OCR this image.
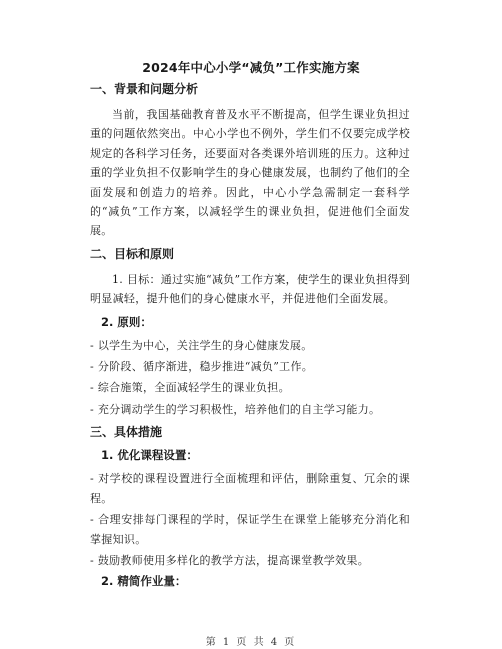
2024年中心小学“减负”工作实施方案
一、背景和问题分析
当前，我国基础教育普及水平不断提高，但学生课业负担过重的问题依然突出。中心小学也不例外，学生们不仅要完成学校规定的各科学习任务，还要面对各类课外培训班的压力。这种过重的学业负担不仅影响学生的身心健康发展，也制约了他们的全面发展和创造力的培养。因此，中心小学急需制定一套科学的“减负”工作方案，以减轻学生的课业负担，促进他们全面发展。
二、目标和原则
1. 目标：通过实施“减负”工作方案，使学生的课业负担得到明显减轻，提升他们的身心健康水平，并促进他们全面发展。
2. 原则：
- 以学生为中心，关注学生的身心健康发展。
- 分阶段、循序渐进，稳步推进“减负”工作。
- 综合施策，全面减轻学生的课业负担。
- 充分调动学生的学习积极性，培养他们的自主学习能力。
三、具体措施
1. 优化课程设置：
- 对学校的课程设置进行全面梳理和评估，删除重复、冗余的课程。
- 合理安排每门课程的学时，保证学生在课堂上能够充分消化和掌握知识。
- 鼓励教师使用多样化的教学方法，提高课堂教学效果。
2. 精简作业量：
第 1 页 共 4 页
